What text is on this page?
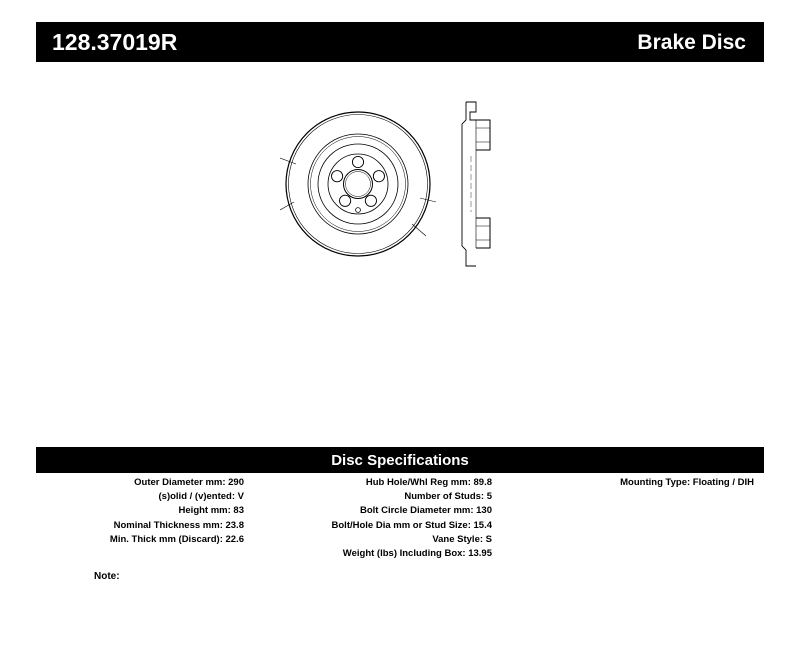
128.37019R	Brake Disc
Disc Specifications
Outer Diameter mm: 290
(s)olid / (v)ented: V
Height mm: 83
Nominal Thickness mm: 23.8
Min. Thick mm (Discard): 22.6
Hub Hole/Whl Reg mm: 89.8
Number of Studs: 5
Bolt Circle Diameter mm: 130
Bolt/Hole Dia mm or Stud Size: 15.4
Vane Style: S
Weight (lbs) Including Box: 13.95
Mounting Type: Floating / DIH
Note:
